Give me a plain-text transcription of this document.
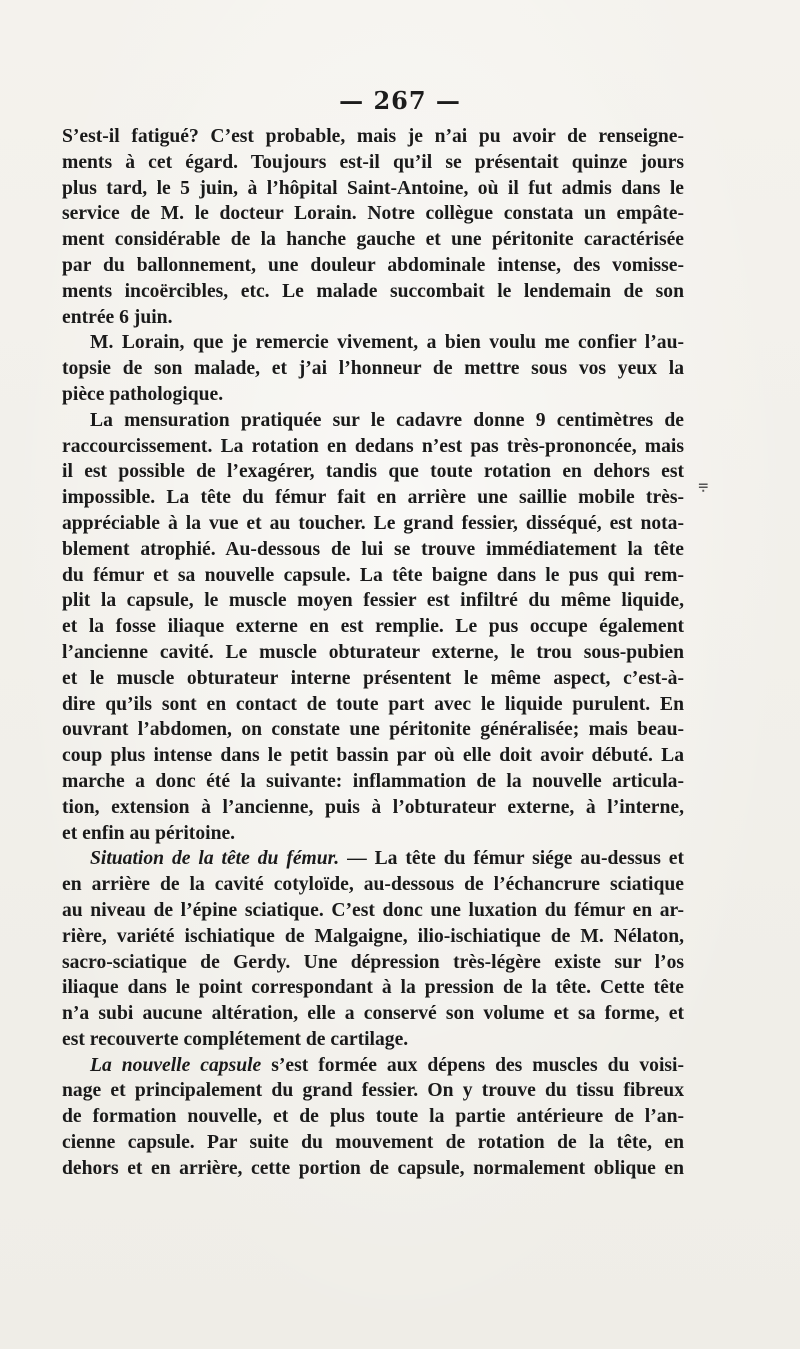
— 267 —
S’est-il fatigué? C’est probable, mais je n’ai pu avoir de renseigne-
ments à cet égard. Toujours est-il qu’il se présentait quinze jours
plus tard, le 5 juin, à l’hôpital Saint-Antoine, où il fut admis dans le
service de M. le docteur Lorain. Notre collègue constata un empâte-
ment considérable de la hanche gauche et une péritonite caractérisée
par du ballonnement, une douleur abdominale intense, des vomisse-
ments incoërcibles, etc. Le malade succombait le lendemain de son
entrée 6 juin.
M. Lorain, que je remercie vivement, a bien voulu me confier l’au-
topsie de son malade, et j’ai l’honneur de mettre sous vos yeux la
pièce pathologique.
La mensuration pratiquée sur le cadavre donne 9 centimètres de
raccourcissement. La rotation en dedans n’est pas très-prononcée, mais
il est possible de l’exagérer, tandis que toute rotation en dehors est
impossible. La tête du fémur fait en arrière une saillie mobile très-
appréciable à la vue et au toucher. Le grand fessier, disséqué, est nota-
blement atrophié. Au-dessous de lui se trouve immédiatement la tête
du fémur et sa nouvelle capsule. La tête baigne dans le pus qui rem-
plit la capsule, le muscle moyen fessier est infiltré du même liquide,
et la fosse iliaque externe en est remplie. Le pus occupe également
l’ancienne cavité. Le muscle obturateur externe, le trou sous-pubien
et le muscle obturateur interne présentent le même aspect, c’est-à-
dire qu’ils sont en contact de toute part avec le liquide purulent. En
ouvrant l’abdomen, on constate une péritonite généralisée; mais beau-
coup plus intense dans le petit bassin par où elle doit avoir débuté. La
marche a donc été la suivante: inflammation de la nouvelle articula-
tion, extension à l’ancienne, puis à l’obturateur externe, à l’interne,
et enfin au péritoine.
Situation de la tête du fémur. — La tête du fémur siége au-dessus et
en arrière de la cavité cotyloïde, au-dessous de l’échancrure sciatique
au niveau de l’épine sciatique. C’est donc une luxation du fémur en ar-
rière, variété ischiatique de Malgaigne, ilio-ischiatique de M. Nélaton,
sacro-sciatique de Gerdy. Une dépression très-légère existe sur l’os
iliaque dans le point correspondant à la pression de la tête. Cette tête
n’a subi aucune altération, elle a conservé son volume et sa forme, et
est recouverte complétement de cartilage.
La nouvelle capsule s’est formée aux dépens des muscles du voisi-
nage et principalement du grand fessier. On y trouve du tissu fibreux
de formation nouvelle, et de plus toute la partie antérieure de l’an-
cienne capsule. Par suite du mouvement de rotation de la tête, en
dehors et en arrière, cette portion de capsule, normalement oblique en
⩦
